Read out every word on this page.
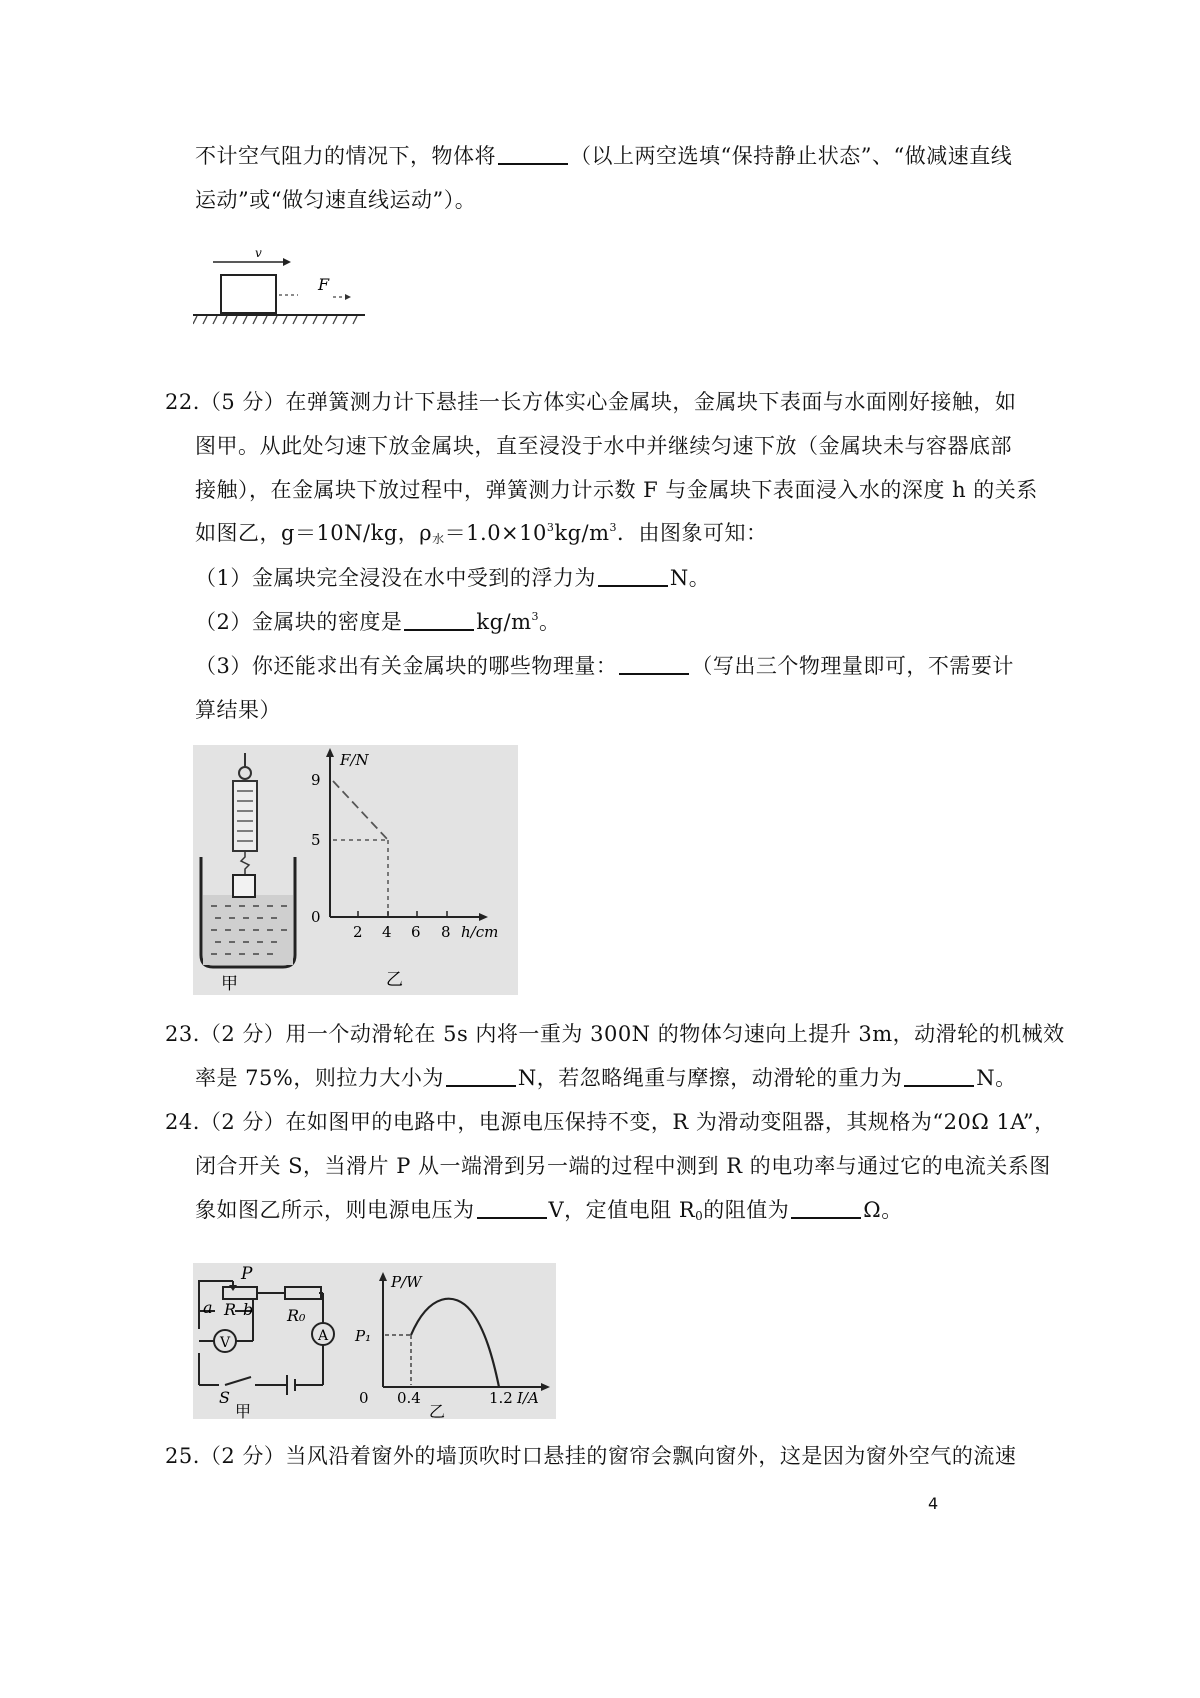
不计空气阻力的情况下，物体将	（以上两空选填“保持静止状态”、“做减速直线
运动”或“做匀速直线运动”）。
v
F
22.（5 分）在弹簧测力计下悬挂一长方体实心金属块，金属块下表面与水面刚好接触，如
图甲。从此处匀速下放金属块，直至浸没于水中并继续匀速下放（金属块未与容器底部
接触），在金属块下放过程中，弹簧测力计示数 F 与金属块下表面浸入水的深度 h 的关系
如图乙，g＝10N/kg，$\rho_水=1.0\times 10^3kg/m^3$．由图象可知：
（1）金属块完全浸没在水中受到的浮力为	N。
（2）金属块的密度是	$kg/m^3$。
（3）你还能求出有关金属块的哪些物理量：	（写出三个物理量即可，不需要计
算结果）
甲
F/N
9
5
0
2 4 6 8 h/cm
乙
23.（2 分）用一个动滑轮在 5s 内将一重为 300N 的物体匀速向上提升 3m，动滑轮的机械效
率是 75%，则拉力大小为	N，若忽略绳重与摩擦，动滑轮的重力为	N。
24.（2 分）在如图甲的电路中，电源电压保持不变，R 为滑动变阻器，其规格为“20Ω 1A”，
闭合开关 S，当滑片 P 从一端滑到另一端的过程中测到 R 的电功率与通过它的电流关系图
象如图乙所示，则电源电压为	V，定值电阻 $R_0$的阻值为	Ω。
P
a R b R₀
V	A
S
甲
P/W
P₁
0 0.4	1.2 I/A
乙
25.（2 分）当风沿着窗外的墙顶吹时口悬挂的窗帘会飘向窗外，这是因为窗外空气的流速
4
